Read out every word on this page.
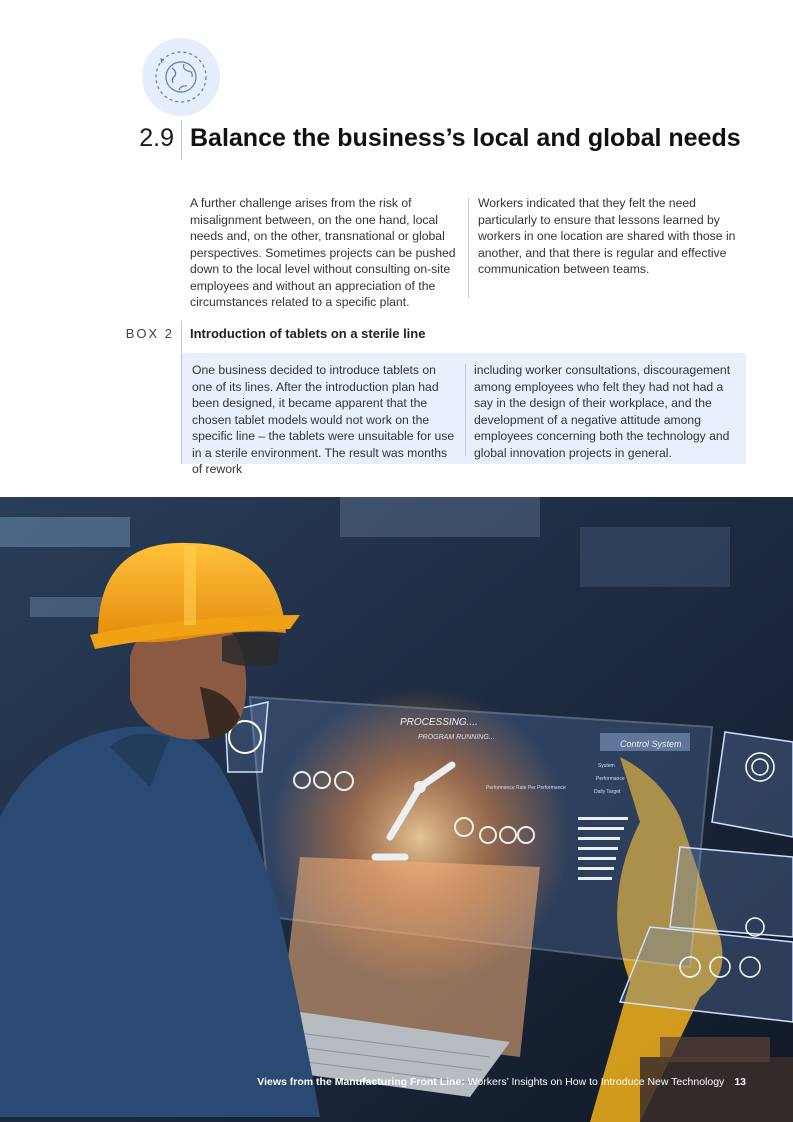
2.9 Balance the business’s local and global needs

A further challenge arises from the risk of misalignment between, on the one hand, local needs and, on the other, transnational or global perspectives. Sometimes projects can be pushed down to the local level without consulting on-site employees and without an appreciation of the circumstances related to a specific plant.

Workers indicated that they felt the need particularly to ensure that lessons learned by workers in one location are shared with those in another, and that there is regular and effective communication between teams.

BOX 2 Introduction of tablets on a sterile line

One business decided to introduce tablets on one of its lines. After the introduction plan had been designed, it became apparent that the chosen tablet models would not work on the specific line – the tablets were unsuitable for use in a sterile environment. The result was months of rework

including worker consultations, discouragement among employees who felt they had not had a say in the design of their workplace, and the development of a negative attitude among employees concerning both the technology and global innovation projects in general.

PROCESSING....
PROGRAM RUNNING...
Control System
System
Performance
Daily Target
Performance Rate Per Performance
Views from the Manufacturing Front Line: Workers’ Insights on How to Introduce New Technology 13
